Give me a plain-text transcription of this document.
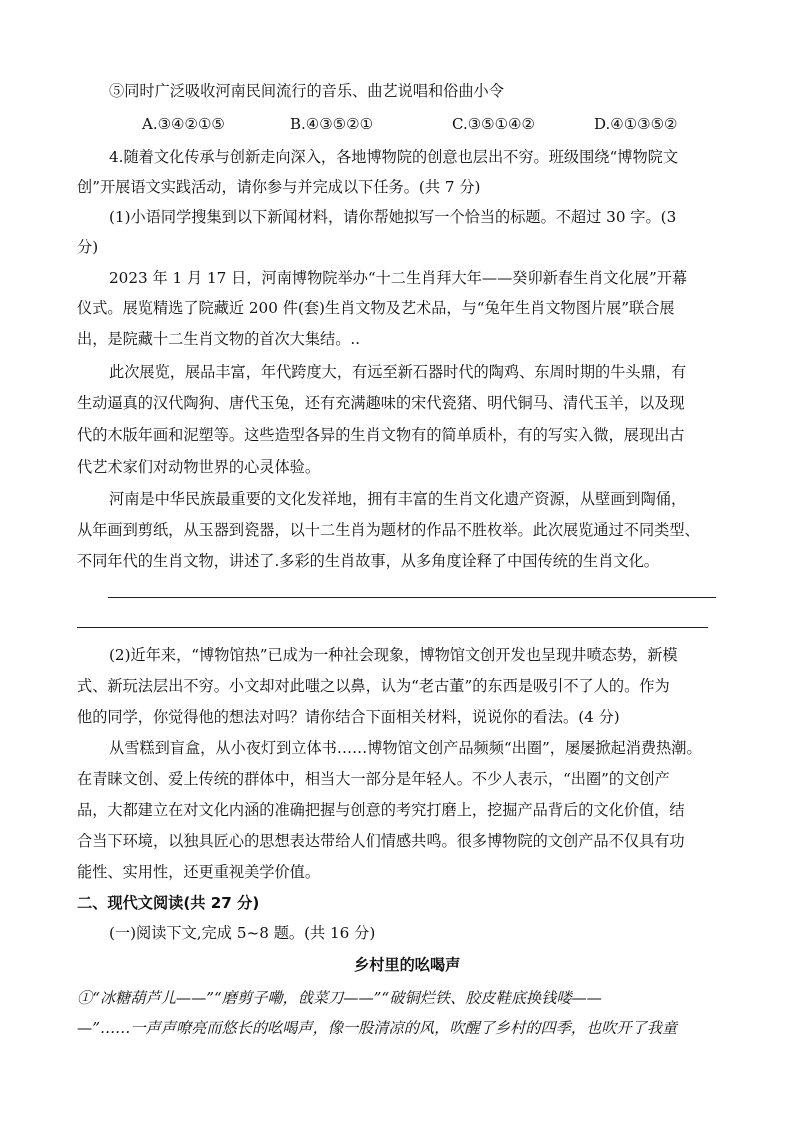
⑤同时广泛吸收河南民间流行的音乐、曲艺说唱和俗曲小令
A.③④②①⑤	B.④③⑤②①	C.③⑤①④②	D.④①③⑤②
4.随着文化传承与创新走向深入，各地博物院的创意也层出不穷。班级围绕“博物院文
创”开展语文实践活动，请你参与并完成以下任务。(共 7 分)
(1)小语同学搜集到以下新闻材料，请你帮她拟写一个恰当的标题。不超过 30 字。(3
分)
2023 年 1 月 17 日，河南博物院举办“十二生肖拜大年——癸卯新春生肖文化展”开幕
仪式。展览精选了院藏近 200 件(套)生肖文物及艺术品，与“兔年生肖文物图片展”联合展
出，是院藏十二生肖文物的首次大集结。..
此次展览，展品丰富，年代跨度大，有远至新石器时代的陶鸡、东周时期的牛头鼎，有
生动逼真的汉代陶狗、唐代玉兔，还有充满趣味的宋代瓷猪、明代铜马、清代玉羊，以及现
代的木版年画和泥塑等。这些造型各异的生肖文物有的简单质朴，有的写实入微，展现出古
代艺术家们对动物世界的心灵体验。
河南是中华民族最重要的文化发祥地，拥有丰富的生肖文化遗产资源，从壁画到陶俑，
从年画到剪纸，从玉器到瓷器，以十二生肖为题材的作品不胜枚举。此次展览通过不同类型、
不同年代的生肖文物，讲述了.多彩的生肖故事，从多角度诠释了中国传统的生肖文化。
(2)近年来，“博物馆热”已成为一种社会现象，博物馆文创开发也呈现井喷态势，新模
式、新玩法层出不穷。小文却对此嗤之以鼻，认为“老古董”的东西是吸引不了人的。作为
他的同学，你觉得他的想法对吗？请你结合下面相关材料，说说你的看法。(4 分)
从雪糕到盲盒，从小夜灯到立体书……博物馆文创产品频频“出圈”，屡屡掀起消费热潮。
在青睐文创、爱上传统的群体中，相当大一部分是年轻人。不少人表示，“出圈”的文创产
品，大都建立在对文化内涵的准确把握与创意的考究打磨上，挖掘产品背后的文化价值，结
合当下环境，以独具匠心的思想表达带给人们情感共鸣。很多博物院的文创产品不仅具有功
能性、实用性，还更重视美学价值。
二、现代文阅读(共 27 分)
(一)阅读下文,完成 5~8 题。(共 16 分)
乡村里的吆喝声
①“冰糖葫芦儿——”“磨剪子嘞，戗菜刀——”“破铜烂铁、胶皮鞋底换钱喽——
—”……一声声嘹亮而悠长的吆喝声，像一股清凉的风，吹醒了乡村的四季，也吹开了我童
